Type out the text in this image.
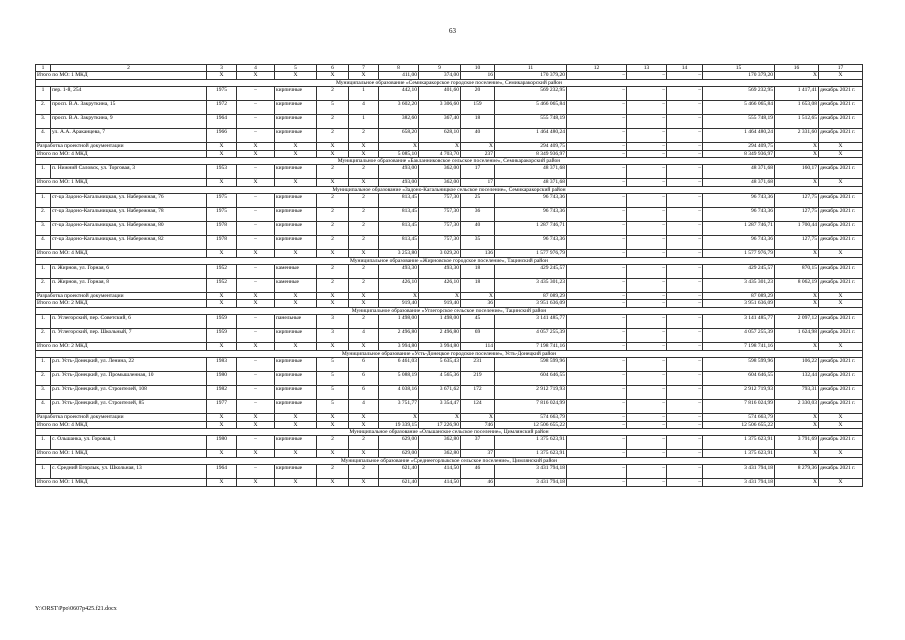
63
1	2	3	4	5	6	7	8	9	10	11	12	13	14	15	16	17
Итого по МО: 1 МКД		X	X	X	X	X	411,00	374,00	16	170 379,20	–	–	–	170 379,20	X	X
Муниципальное образование «Семикаракорское городское поселение», Семикаракорский район																
1	пер. 1-й, 254	1975	–	кирпичные	2	1	442,10	401,60	20	569 232,95	–	–	–	569 232,95	1 417,41	декабрь 2021 г.
2.	просп. В.А. Закруткина, 15	1972	–	кирпичные	5	4	3 602,20	3 306,60	159	5 466 065,84	–	–	–	5 466 065,84	1 653,08	декабрь 2021 г.
3.	просп. В.А. Закруткина, 9	1964	–	кирпичные	2	1	382,60	367,40	18	555 748,19	–	–	–	555 748,19	1 512,65	декабрь 2021 г.
4.	ул. А.А. Араканцева, 7	1966	–	кирпичные	2	2	658,20	628,10	40	1 464 480,24	–	–	–	1 464 480,24	2 331,60	декабрь 2021 г.
Разработка проектной документации		X	X	X	X	X	X	X	X	294 409,75	–	–	–	294 409,75	X	X
Итого по МО: 4 МКД		X	X	X	X	X	5 085,10	4 703,70	237	8 349 936,97	–	–	–	8 349 936,97	X	X
Муниципальное образование «Бакланниковское сельское поселение», Семикаракорский район																
1.	п. Нижний Саловск, ул. Торговая, 3	1953	–	кирпичные	2	2	493,00	362,00	17	48 371,68	–	–	–	48 371,68	160,17	декабрь 2021 г.
Итого по МО: 1 МКД		X	X	X	X	X	493,00	362,00	17	48 371,68	–	–	–	48 371,68	X	X
Муниципальное образование «Задоно-Кагальницкое сельское поселение», Семикаракорский район																
1.	ст-ца Задоно-Кагальницкая, ул. Набережная, 76	1975	–	кирпичные	2	2	813,45	757,30	25	96 743,36	–	–	–	96 743,36	127,75	декабрь 2021 г.
2.	ст-ца Задоно-Кагальницкая, ул. Набережная, 78	1975	–	кирпичные	2	2	813,45	757,30	36	96 743,36	–	–	–	96 743,36	127,75	декабрь 2021 г.
3.	ст-ца Задоно-Кагальницкая, ул. Набережная, 80	1978	–	кирпичные	2	2	813,45	757,30	40	1 287 746,71	–	–	–	1 287 746,71	1 700,44	декабрь 2021 г.
4.	ст-ца Задоно-Кагальницкая, ул. Набережная, 82	1978	–	кирпичные	2	2	813,45	757,30	35	96 743,36	–	–	–	96 743,36	127,75	декабрь 2021 г.
Итого по МО: 4 МКД		X	X	X	X	X	3 253,80	3 029,20	136	1 577 976,79	–	–	–	1 577 976,79	X	X
Муниципальное образование «Жирновское городское поселение», Тацинский район																
1.	п. Жирнов, ул. Горная, 6	1952	–	каменные	2	2	493,30	493,30	18	429 245,57	–	–	–	429 245,57	870,15	декабрь 2021 г.
2.	п. Жирнов, ул. Горная, 8	1952	–	каменные	2	2	426,10	426,10	18	3 435 301,23	–	–	–	3 435 301,23	8 062,19	декабрь 2021 г.
Разработка проектной документации		X	X	X	X	X	X	X	X	87 089,29	–	–	–	87 089,29	X	X
Итого по МО: 2 МКД		X	X	X	X	X	919,40	919,40	36	3 951 636,09	–	–	–	3 951 636,09	X	X
Муниципальное образование «Углегорское сельское поселение», Тацинский район																
1.	п. Углегорский, пер. Советский, 6	1959	–	панельные	3	2	1 498,00	1 498,00	45	3 141 485,77	–	–	–	3 141 485,77	2 097,12	декабрь 2021 г.
2.	п. Углегорский, пер. Школьный, 7	1959	–	кирпичные	3	4	2 496,80	2 496,80	69	4 057 255,39	–	–	–	4 057 255,39	1 624,98	декабрь 2021 г.
Итого по МО: 2 МКД		X	X	X	X	X	3 994,80	3 994,80	114	7 198 741,16	–	–	–	7 198 741,16	X	X
Муниципальное образование «Усть-Донецкое городское поселение», Усть-Донецкий район																
1.	р.п. Усть-Донецкий, ул. Ленина, 22	1983	–	кирпичные	5	6	6 461,03	5 635,43	231	598 599,96	–	–	–	598 599,96	106,22	декабрь 2021 г.
2.	р.п. Усть-Донецкий, ул. Промышленная, 10	1980	–	кирпичные	5	6	5 088,19	4 565,36	219	604 646,55	–	–	–	604 646,55	132,44	декабрь 2021 г.
3.	р.п. Усть-Донецкий, ул. Строителей, 108	1982	–	кирпичные	5	6	4 038,16	3 671,62	172	2 912 719,93	–	–	–	2 912 719,93	793,31	декабрь 2021 г.
4.	р.п. Усть-Донецкий, ул. Строителей, 85	1977	–	кирпичные	5	4	3 751,77	3 354,47	124	7 816 024,99	–	–	–	7 816 024,99	2 330,03	декабрь 2021 г.
Разработка проектной документации		X	X	X	X	X	X	X	X	574 663,79	–	–	–	574 663,79	X	X
Итого по МО: 4 МКД		X	X	X	X	X	19 339,15	17 226,90	746	12 506 655,22	–	–	–	12 506 655,22	X	X
Муниципальное образование «Ольшанское сельское поселение», Цимлянский район																
1.	с. Ольшанка, ул. Горовая, 1	1980	–	кирпичные	2	2	629,00	362,80	37	1 375 623,91	–	–	–	1 375 623,91	3 791,69	декабрь 2021 г.
Итого по МО: 1 МКД		X	X	X	X	X	629,00	362,80	37	1 375 623,91	–	–	–	1 375 623,91	X	X
Муниципальное образование «Среднеегорлыкское сельское поселение», Цимлянский район																
1.	с. Средний Егорлык, ул. Школьная, 13	1964	–	кирпичные	2	2	621,40	414,50	46	3 431 794,18	–	–	–	3 431 794,18	8 279,36	декабрь 2021 г.
Итого по МО: 1 МКД		X	X	X	X	X	621,40	414,50	46	3 431 794,18	–	–	–	3 431 794,18	X	X
Y:\ORST\Ppo\0607p425.f21.docx
